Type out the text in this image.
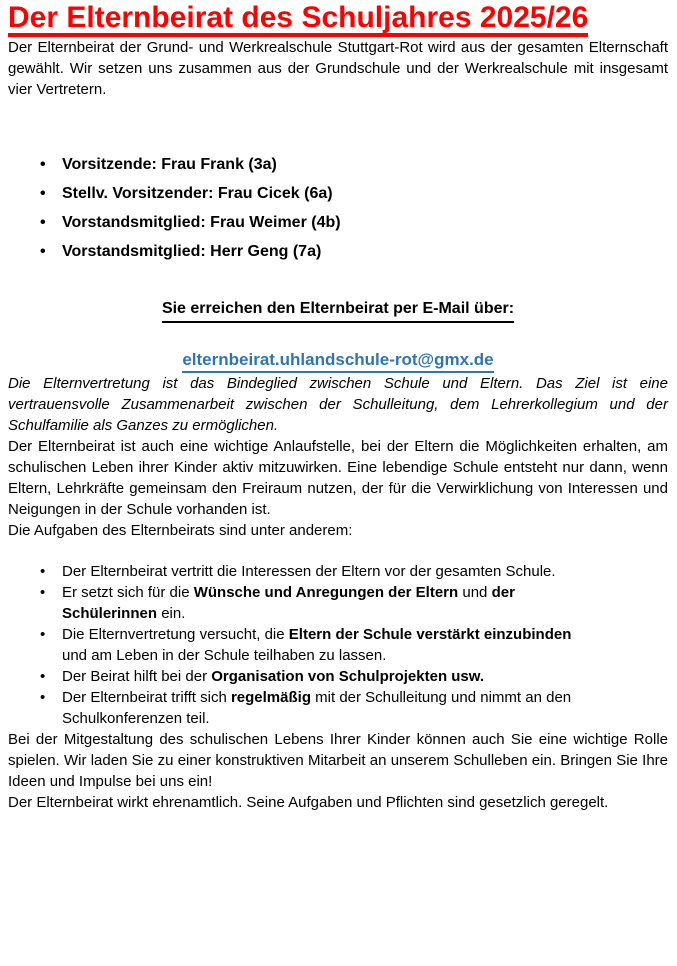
Der Elternbeirat des Schuljahres 2025/26

Der Elternbeirat der Grund- und Werkrealschule Stuttgart-Rot wird aus der gesamten Elternschaft gewählt. Wir setzen uns zusammen aus der Grundschule und der Werkrealschule mit insgesamt vier Vertretern.

• Vorsitzende: Frau Frank (3a)
• Stellv. Vorsitzender: Frau Cicek (6a)
• Vorstandsmitglied: Frau Weimer (4b)
• Vorstandsmitglied: Herr Geng (7a)
Sie erreichen den Elternbeirat per E-Mail über:
elternbeirat.uhlandschule-rot@gmx.de

Die Elternvertretung ist das Bindeglied zwischen Schule und Eltern. Das Ziel ist eine vertrauensvolle Zusammenarbeit zwischen der Schulleitung, dem Lehrerkollegium und der Schulfamilie als Ganzes zu ermöglichen.

Der Elternbeirat ist auch eine wichtige Anlaufstelle, bei der Eltern die Möglichkeiten erhalten, am schulischen Leben ihrer Kinder aktiv mitzuwirken. Eine lebendige Schule entsteht nur dann, wenn Eltern, Lehrkräfte gemeinsam den Freiraum nutzen, der für die Verwirklichung von Interessen und Neigungen in der Schule vorhanden ist.

Die Aufgaben des Elternbeirats sind unter anderem:

• Der Elternbeirat vertritt die Interessen der Eltern vor der gesamten Schule.
• Er setzt sich für die Wünsche und Anregungen der Eltern und der
Schülerinnen ein.
• Die Elternvertretung versucht, die Eltern der Schule verstärkt einzubinden
und am Leben in der Schule teilhaben zu lassen.
• Der Beirat hilft bei der Organisation von Schulprojekten usw.
• Der Elternbeirat trifft sich regelmäßig mit der Schulleitung und nimmt an den
Schulkonferenzen teil.

Bei der Mitgestaltung des schulischen Lebens Ihrer Kinder können auch Sie eine wichtige Rolle spielen. Wir laden Sie zu einer konstruktiven Mitarbeit an unserem Schulleben ein. Bringen Sie Ihre Ideen und Impulse bei uns ein!

Der Elternbeirat wirkt ehrenamtlich. Seine Aufgaben und Pflichten sind gesetzlich geregelt.
